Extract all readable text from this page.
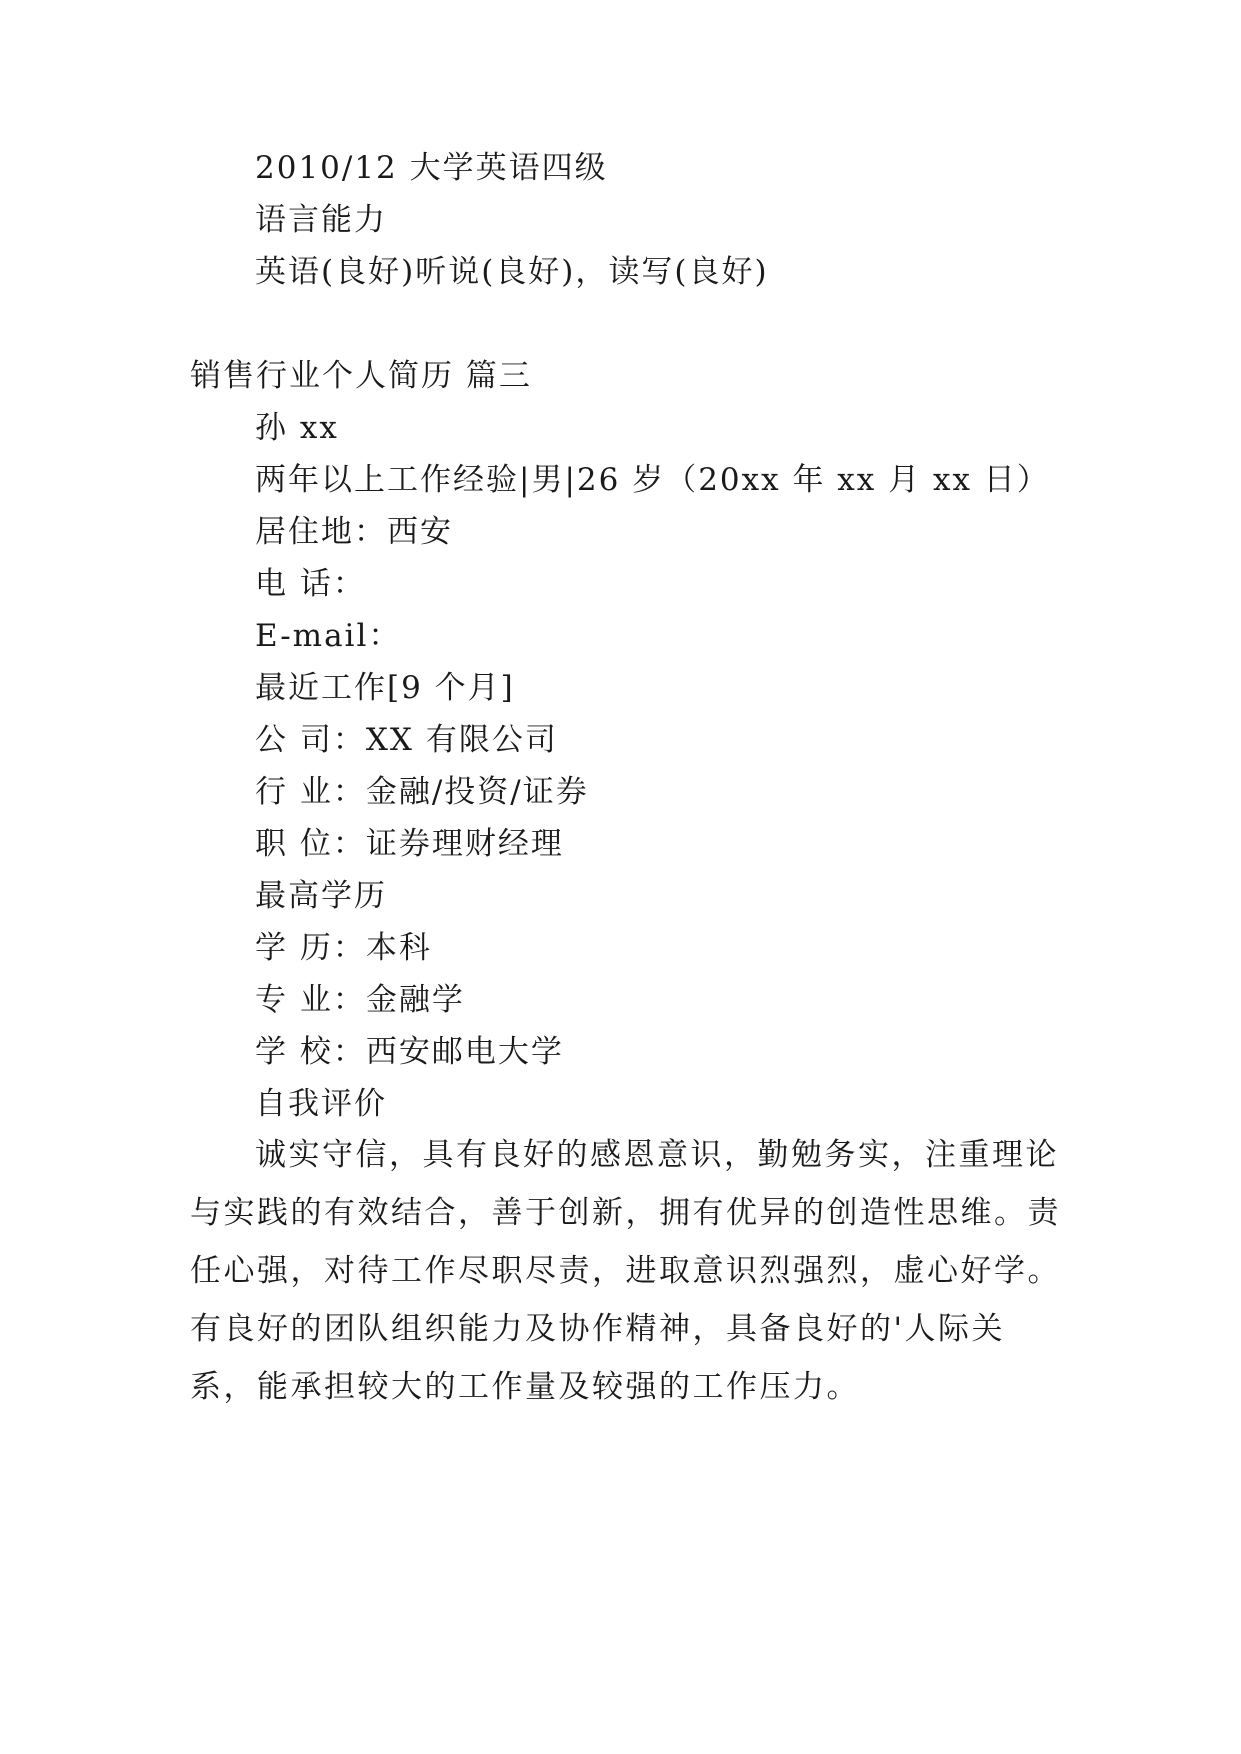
2010/12 大学英语四级
语言能力
英语(良好)听说(良好)，读写(良好)
销售行业个人简历 篇三
孙 xx
两年以上工作经验|男|26 岁（20xx 年 xx 月 xx 日）
居住地：西安
电 话：
E-mail：
最近工作[9 个月]
公 司：XX 有限公司
行 业：金融/投资/证券
职 位：证券理财经理
最高学历
学 历：本科
专 业：金融学
学 校：西安邮电大学
自我评价

诚实守信，具有良好的感恩意识，勤勉务实，注重理论与实践的有效结合，善于创新，拥有优异的创造性思维。责任心强，对待工作尽职尽责，进取意识烈强烈，虚心好学。有良好的团队组织能力及协作精神，具备良好的'人际关系，能承担较大的工作量及较强的工作压力。
